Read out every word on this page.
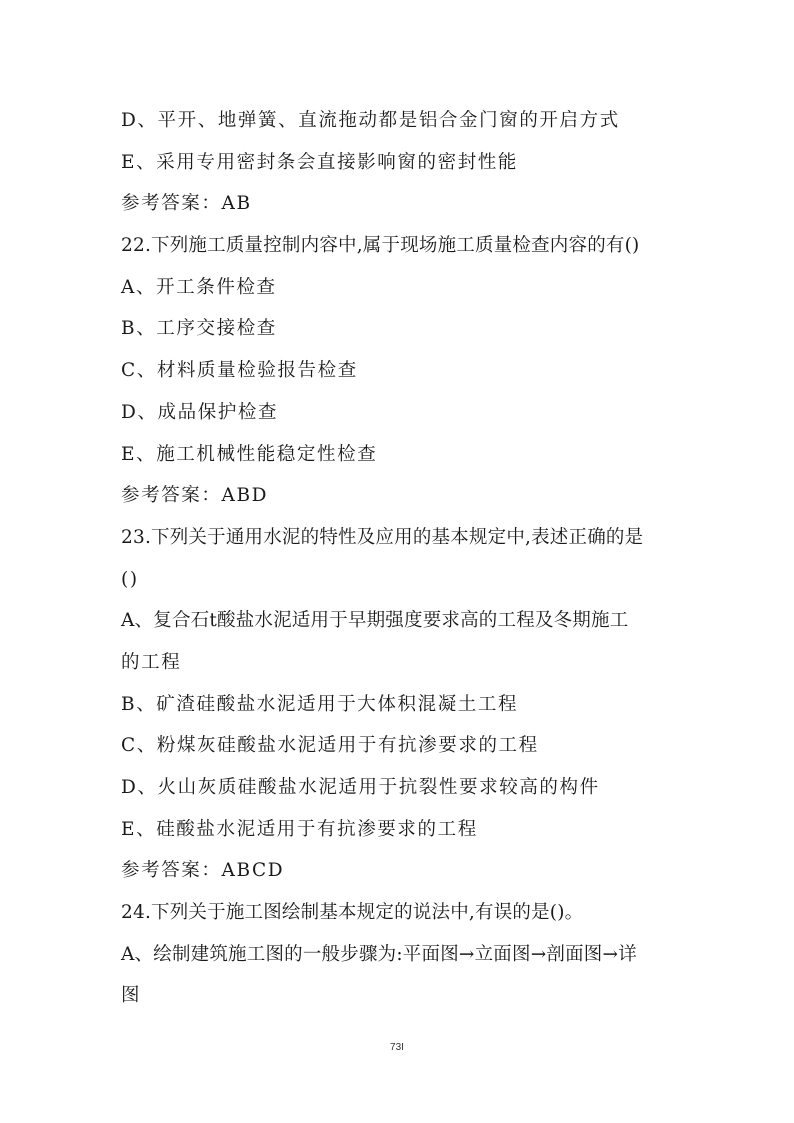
D、平开、地弹簧、直流拖动都是铝合金门窗的开启方式
E、采用专用密封条会直接影响窗的密封性能
参考答案：AB
22.下列施工质量控制内容中,属于现场施工质量检查内容的有()
A、开工条件检查
B、工序交接检查
C、材料质量检验报告检查
D、成品保护检查
E、施工机械性能稳定性检查
参考答案：ABD
23.下列关于通用水泥的特性及应用的基本规定中,表述正确的是
()
A、复合石t酸盐水泥适用于早期强度要求高的工程及冬期施工
的工程
B、矿渣硅酸盐水泥适用于大体积混凝土工程
C、粉煤灰硅酸盐水泥适用于有抗渗要求的工程
D、火山灰质硅酸盐水泥适用于抗裂性要求较高的构件
E、硅酸盐水泥适用于有抗渗要求的工程
参考答案：ABCD
24.下列关于施工图绘制基本规定的说法中,有误的是()。
A、绘制建筑施工图的一般步骤为:平面图→立面图→剖面图→详
图
73I
